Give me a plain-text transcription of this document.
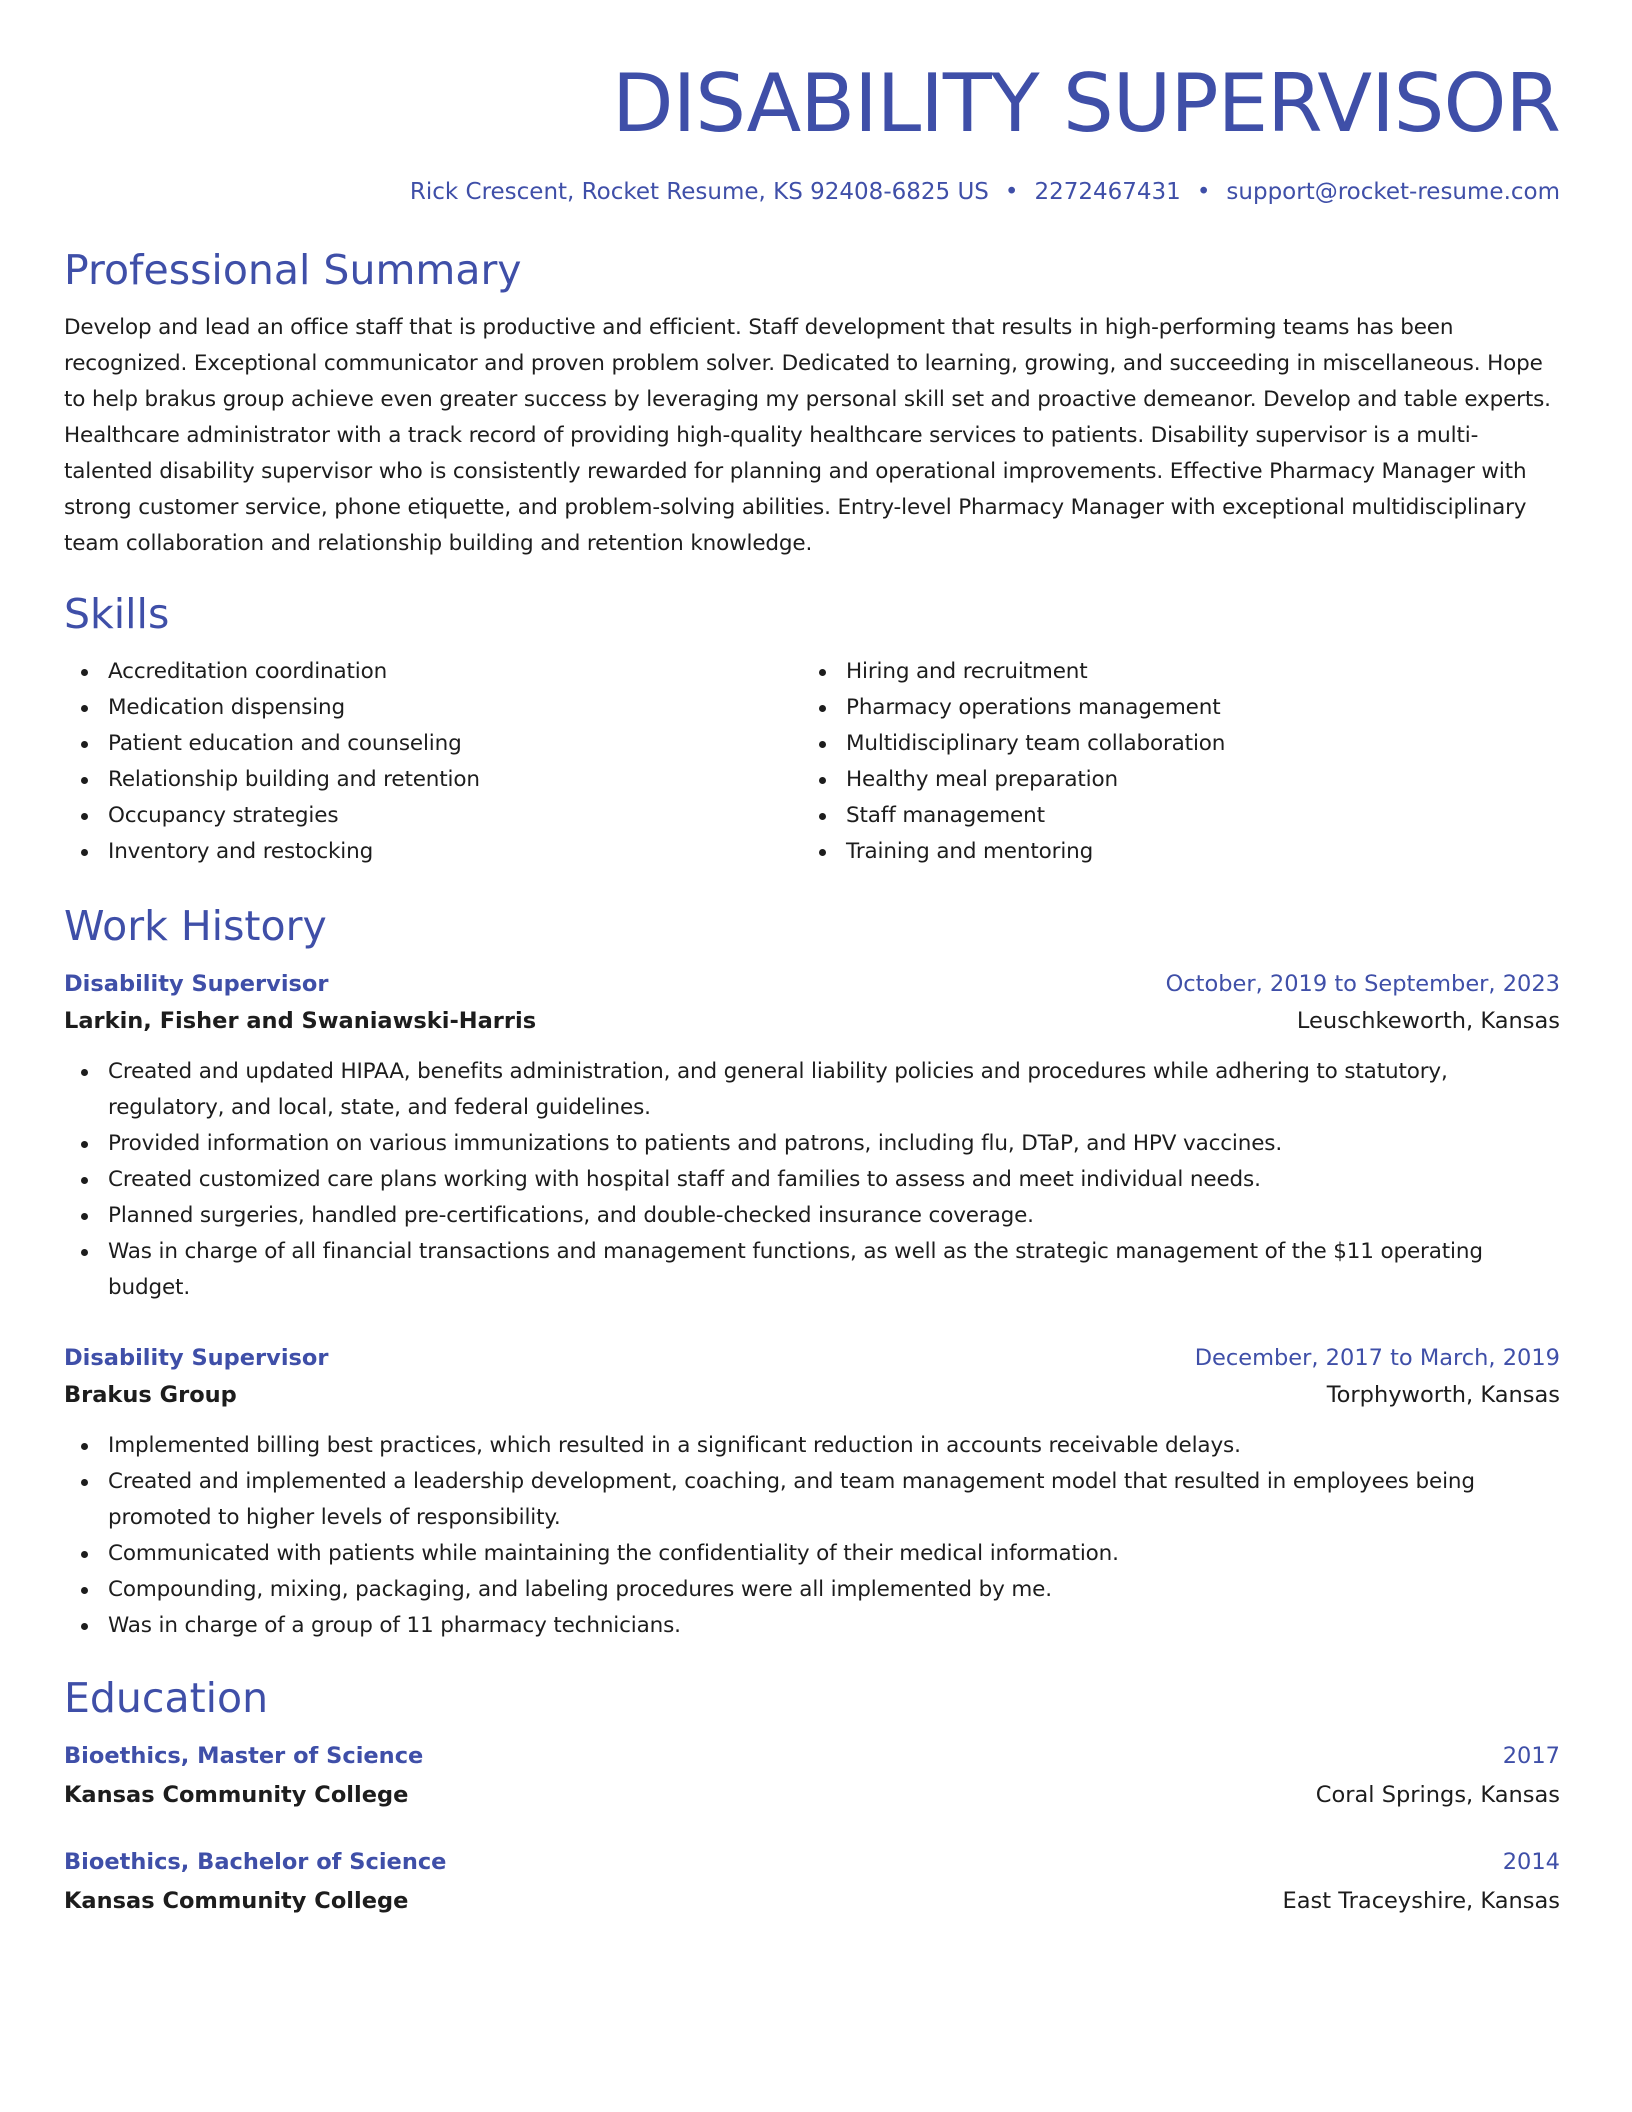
DISABILITY SUPERVISOR
Rick Crescent, Rocket Resume, KS 92408-6825 US • 2272467431 • support@rocket-resume.com
Professional Summary
Develop and lead an office staff that is productive and efficient. Staff development that results in high-performing teams has been recognized. Exceptional communicator and proven problem solver. Dedicated to learning, growing, and succeeding in miscellaneous. Hope to help brakus group achieve even greater success by leveraging my personal skill set and proactive demeanor. Develop and table experts. Healthcare administrator with a track record of providing high-quality healthcare services to patients. Disability supervisor is a multi-talented disability supervisor who is consistently rewarded for planning and operational improvements. Effective Pharmacy Manager with strong customer service, phone etiquette, and problem-solving abilities. Entry-level Pharmacy Manager with exceptional multidisciplinary team collaboration and relationship building and retention knowledge.
Skills
Accreditation coordination
Medication dispensing
Patient education and counseling
Relationship building and retention
Occupancy strategies
Inventory and restocking
Hiring and recruitment
Pharmacy operations management
Multidisciplinary team collaboration
Healthy meal preparation
Staff management
Training and mentoring
Work History
Disability Supervisor	October, 2019 to September, 2023
Larkin, Fisher and Swaniawski-Harris	Leuschkeworth, Kansas
Created and updated HIPAA, benefits administration, and general liability policies and procedures while adhering to statutory, regulatory, and local, state, and federal guidelines.
Provided information on various immunizations to patients and patrons, including flu, DTaP, and HPV vaccines.
Created customized care plans working with hospital staff and families to assess and meet individual needs.
Planned surgeries, handled pre-certifications, and double-checked insurance coverage.
Was in charge of all financial transactions and management functions, as well as the strategic management of the $11 operating budget.
Disability Supervisor	December, 2017 to March, 2019
Brakus Group	Torphyworth, Kansas
Implemented billing best practices, which resulted in a significant reduction in accounts receivable delays.
Created and implemented a leadership development, coaching, and team management model that resulted in employees being promoted to higher levels of responsibility.
Communicated with patients while maintaining the confidentiality of their medical information.
Compounding, mixing, packaging, and labeling procedures were all implemented by me.
Was in charge of a group of 11 pharmacy technicians.
Education
Bioethics, Master of Science	2017
Kansas Community College	Coral Springs, Kansas
Bioethics, Bachelor of Science	2014
Kansas Community College	East Traceyshire, Kansas
